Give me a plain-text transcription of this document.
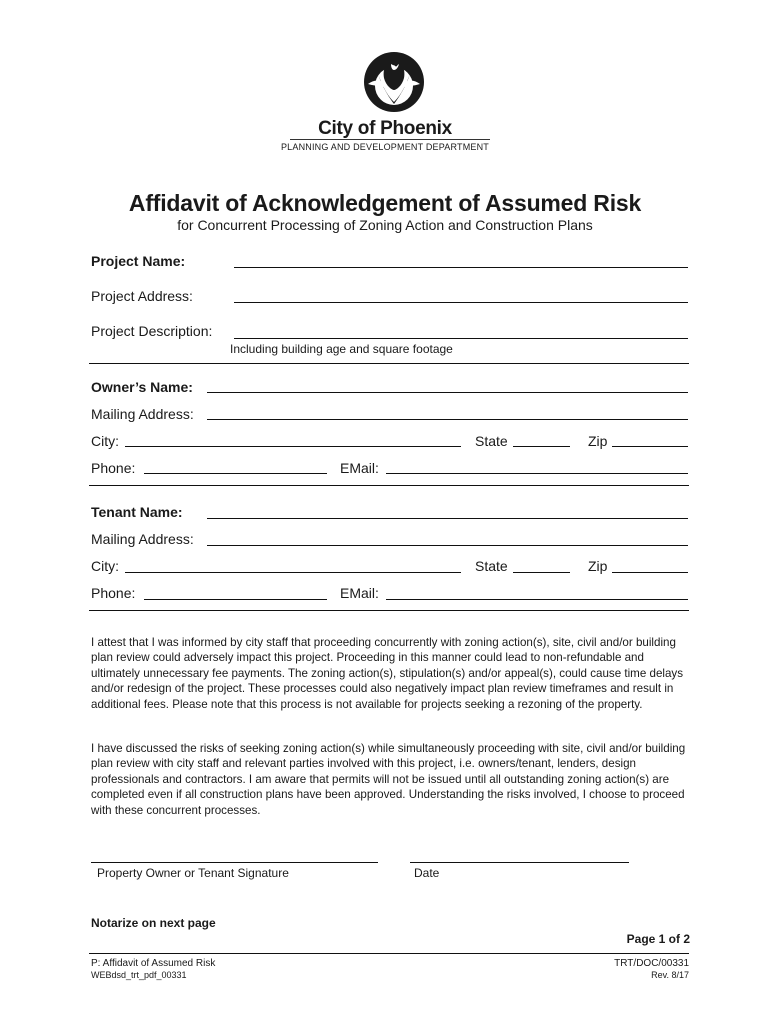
City of Phoenix
PLANNING AND DEVELOPMENT DEPARTMENT
Affidavit of Acknowledgement of Assumed Risk
for Concurrent Processing of Zoning Action and Construction Plans
Project Name:
Project Address:
Project Description:
Including building age and square footage
Owner’s Name:
Mailing Address:
City:	State	Zip
Phone:	EMail:
Tenant Name:
Mailing Address:
City:	State	Zip
Phone:	EMail:

I attest that I was informed by city staff that proceeding concurrently with zoning action(s), site, civil and/or building plan review could adversely impact this project. Proceeding in this manner could lead to non-refundable and ultimately unnecessary fee payments. The zoning action(s), stipulation(s) and/or appeal(s), could cause time delays and/or redesign of the project. These processes could also negatively impact plan review timeframes and result in additional fees. Please note that this process is not available for projects seeking a rezoning of the property.

I have discussed the risks of seeking zoning action(s) while simultaneously proceeding with site, civil and/or building plan review with city staff and relevant parties involved with this project, i.e. owners/tenant, lenders, design professionals and contractors. I am aware that permits will not be issued until all outstanding zoning action(s) are completed even if all construction plans have been approved. Understanding the risks involved, I choose to proceed with these concurrent processes.

Property Owner or Tenant Signature	Date
Notarize on next page
Page 1 of 2
P: Affidavit of Assumed Risk
WEBdsd_trt_pdf_00331
TRT/DOC/00331
Rev. 8/17
